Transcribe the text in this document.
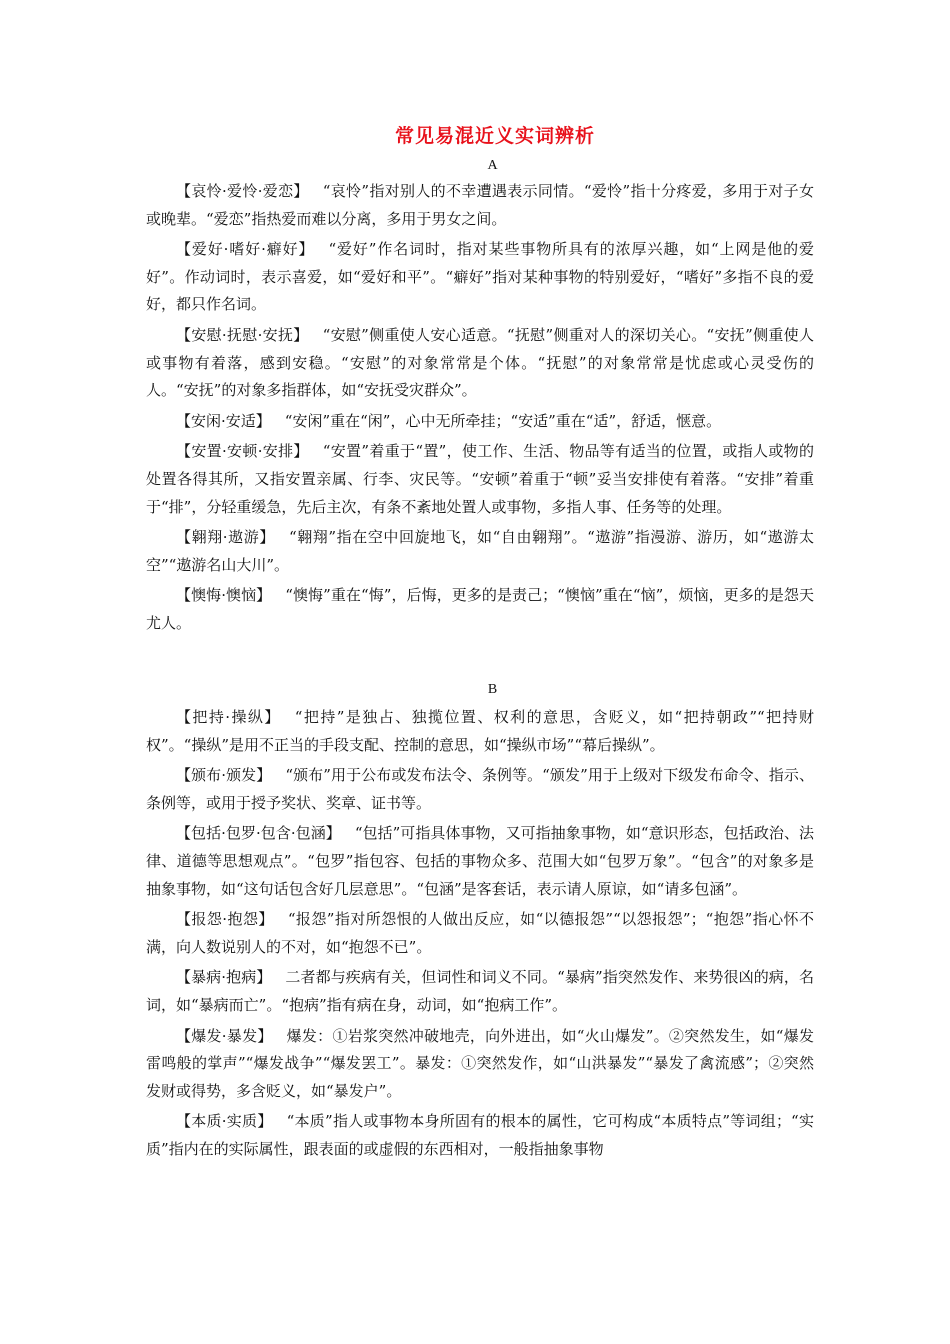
常见易混近义实词辨析

A

【哀怜·爱怜·爱恋】 “哀怜”指对别人的不幸遭遇表示同情。“爱怜”指十分疼爱，多用于对子女或晚辈。“爱恋”指热爱而难以分离，多用于男女之间。

【爱好·嗜好·癖好】 “爱好”作名词时，指对某些事物所具有的浓厚兴趣，如“上网是他的爱好”。作动词时，表示喜爱，如“爱好和平”。“癖好”指对某种事物的特别爱好，“嗜好”多指不良的爱好，都只作名词。

【安慰·抚慰·安抚】 “安慰”侧重使人安心适意。“抚慰”侧重对人的深切关心。“安抚”侧重使人或事物有着落，感到安稳。“安慰”的对象常常是个体。“抚慰”的对象常常是忧虑或心灵受伤的人。“安抚”的对象多指群体，如“安抚受灾群众”。

【安闲·安适】 “安闲”重在“闲”，心中无所牵挂；“安适”重在“适”，舒适，惬意。

【安置·安顿·安排】 “安置”着重于“置”，使工作、生活、物品等有适当的位置，或指人或物的处置各得其所，又指安置亲属、行李、灾民等。“安顿”着重于“顿”妥当安排使有着落。“安排”着重于“排”，分轻重缓急，先后主次，有条不紊地处置人或事物，多指人事、任务等的处理。

【翱翔·遨游】 “翱翔”指在空中回旋地飞，如“自由翱翔”。“遨游”指漫游、游历，如“遨游太空”“遨游名山大川”。

【懊悔·懊恼】 “懊悔”重在“悔”，后悔，更多的是责己；“懊恼”重在“恼”，烦恼，更多的是怨天尤人。

B

【把持·操纵】 “把持”是独占、独揽位置、权利的意思，含贬义，如“把持朝政”“把持财权”。“操纵”是用不正当的手段支配、控制的意思，如“操纵市场”“幕后操纵”。

【颁布·颁发】 “颁布”用于公布或发布法令、条例等。“颁发”用于上级对下级发布命令、指示、条例等，或用于授予奖状、奖章、证书等。

【包括·包罗·包含·包涵】 “包括”可指具体事物，又可指抽象事物，如“意识形态，包括政治、法律、道德等思想观点”。“包罗”指包容、包括的事物众多、范围大如“包罗万象”。“包含”的对象多是抽象事物，如“这句话包含好几层意思”。“包涵”是客套话，表示请人原谅，如“请多包涵”。

【报怨·抱怨】 “报怨”指对所怨恨的人做出反应，如“以德报怨”“以怨报怨”；“抱怨”指心怀不满，向人数说别人的不对，如“抱怨不已”。

【暴病·抱病】 二者都与疾病有关，但词性和词义不同。“暴病”指突然发作、来势很凶的病，名词，如“暴病而亡”。“抱病”指有病在身，动词，如“抱病工作”。

【爆发·暴发】 爆发：①岩浆突然冲破地壳，向外进出，如“火山爆发”。②突然发生，如“爆发雷鸣般的掌声”“爆发战争”“爆发罢工”。暴发：①突然发作，如“山洪暴发”“暴发了禽流感”；②突然发财或得势，多含贬义，如“暴发户”。

【本质·实质】 “本质”指人或事物本身所固有的根本的属性，它可构成“本质特点”等词组；“实质”指内在的实际属性，跟表面的或虚假的东西相对，一般指抽象事物
